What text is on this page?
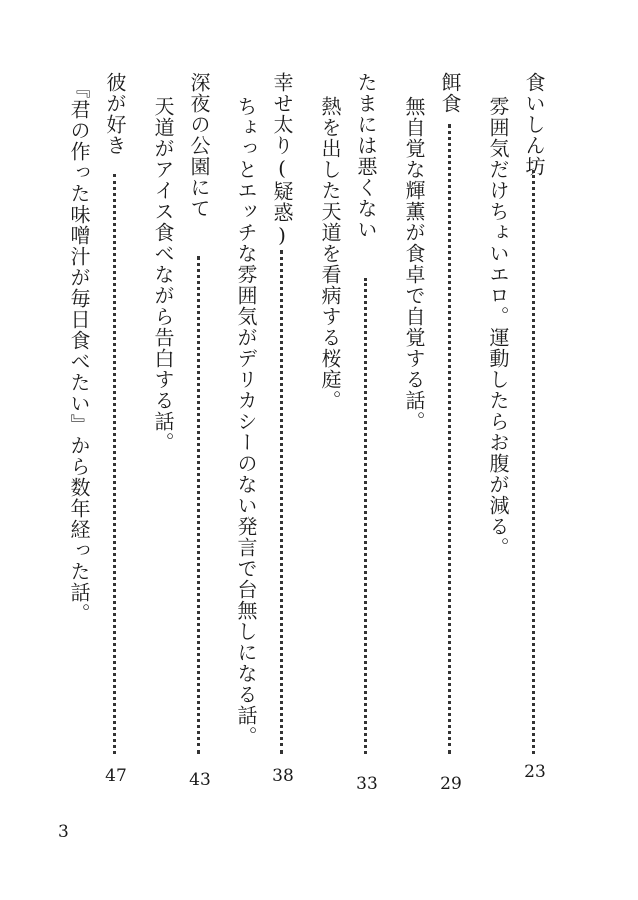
食いしん坊
23
雰囲気だけちょいエロ。運動したらお腹が減る。
餌食
29
無自覚な輝薫が食卓で自覚する話。
たまには悪くない
33
熱を出した天道を看病する桜庭。
幸せ太り(疑惑)
38
ちょっとエッチな雰囲気がデリカシーのない発言で台無しになる話。
深夜の公園にて
43
天道がアイス食べながら告白する話。
彼が好き
47
『君の作った味噌汁が毎日食べたい』から数年経った話。
3
